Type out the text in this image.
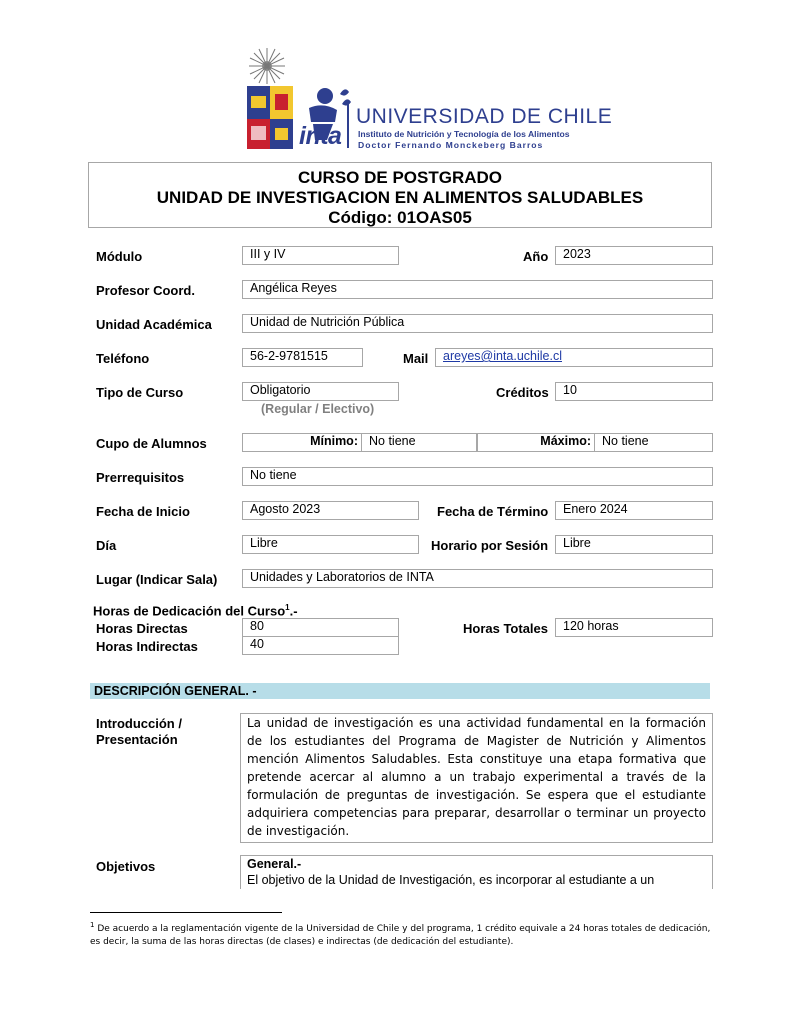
inta
UNIVERSIDAD DE CHILE
Instituto de Nutrición y Tecnología de los Alimentos
Doctor Fernando Monckeberg Barros
CURSO DE POSTGRADO
UNIDAD DE INVESTIGACION EN ALIMENTOS SALUDABLES
Código: 01OAS05
Módulo	III y IV	Año	2023
Profesor Coord.	Angélica Reyes
Unidad Académica	Unidad de Nutrición Pública
Teléfono	56-2-9781515	Mail	areyes@inta.uchile.cl
Tipo de Curso	Obligatorio
(Regular / Electivo)
Créditos	10
Cupo de Alumnos	Mínimo: No tiene	Máximo: No tiene
Prerrequisitos	No tiene
Fecha de Inicio	Agosto 2023	Fecha de Término	Enero 2024
Día	Libre	Horario por Sesión	Libre
Lugar (Indicar Sala)	Unidades y Laboratorios de INTA
Horas de Dedicación del Curso$^1$.-
Horas Directas	80
Horas Indirectas	40
Horas Totales	120 horas
DESCRIPCIÓN GENERAL. -
Introducción /
Presentación
La unidad de investigación es una actividad fundamental en la formación de los estudiantes del Programa de Magister de Nutrición y Alimentos mención Alimentos Saludables. Esta constituye una etapa formativa que pretende acercar al alumno a un trabajo experimental a través de la formulación de preguntas de investigación. Se espera que el estudiante adquiriera competencias para preparar, desarrollar o terminar un proyecto de investigación.
Objetivos	General.-
El objetivo de la Unidad de Investigación, es incorporar al estudiante a un
$^1$ De acuerdo a la reglamentación vigente de la Universidad de Chile y del programa, 1 crédito equivale a 24 horas totales de dedicación, es decir, la suma de las horas directas (de clases) e indirectas (de dedicación del estudiante).
